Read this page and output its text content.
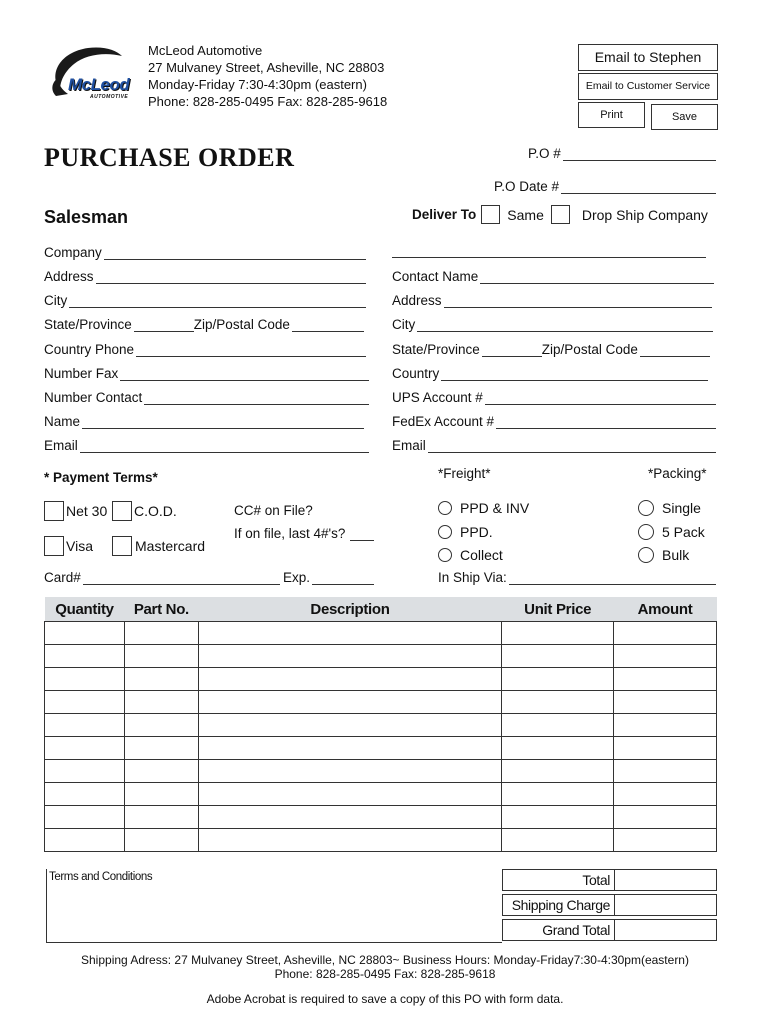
McLeod
AUTOMOTIVE
McLeod Automotive
27 Mulvaney Street, Asheville, NC 28803
Monday-Friday 7:30-4:30pm (eastern)
Phone: 828-285-0495 Fax: 828-285-9618
Email to Stephen
Email to Customer Service
Print	Save
PURCHASE ORDER	P.O #
P.O Date #
Salesman	Deliver To Same	Drop Ship Company
Company
Address
City
State/Province	Zip/Postal Code
Country Phone
Number Fax
Number Contact
Name
Email
Contact Name
Address
City
State/Province	Zip/Postal Code
Country
UPS Account #
FedEx Account #
Email
* Payment Terms*
Net 30 C.O.D.
Visa	Mastercard
CC# on File?
If on file, last 4#'s?
Card#	Exp.
*Freight*
PPD & INV
PPD.
Collect
In Ship Via:
*Packing*
Single
5 Pack
Bulk
Quantity	Part No.	Description	Unit Price	Amount

Terms and Conditions	Total
Shipping Charge
Grand Total
Shipping Adress: 27 Mulvaney Street, Asheville, NC 28803~ Business Hours: Monday-Friday7:30-4:30pm(eastern)
Phone: 828-285-0495 Fax: 828-285-9618
Adobe Acrobat is required to save a copy of this PO with form data.
